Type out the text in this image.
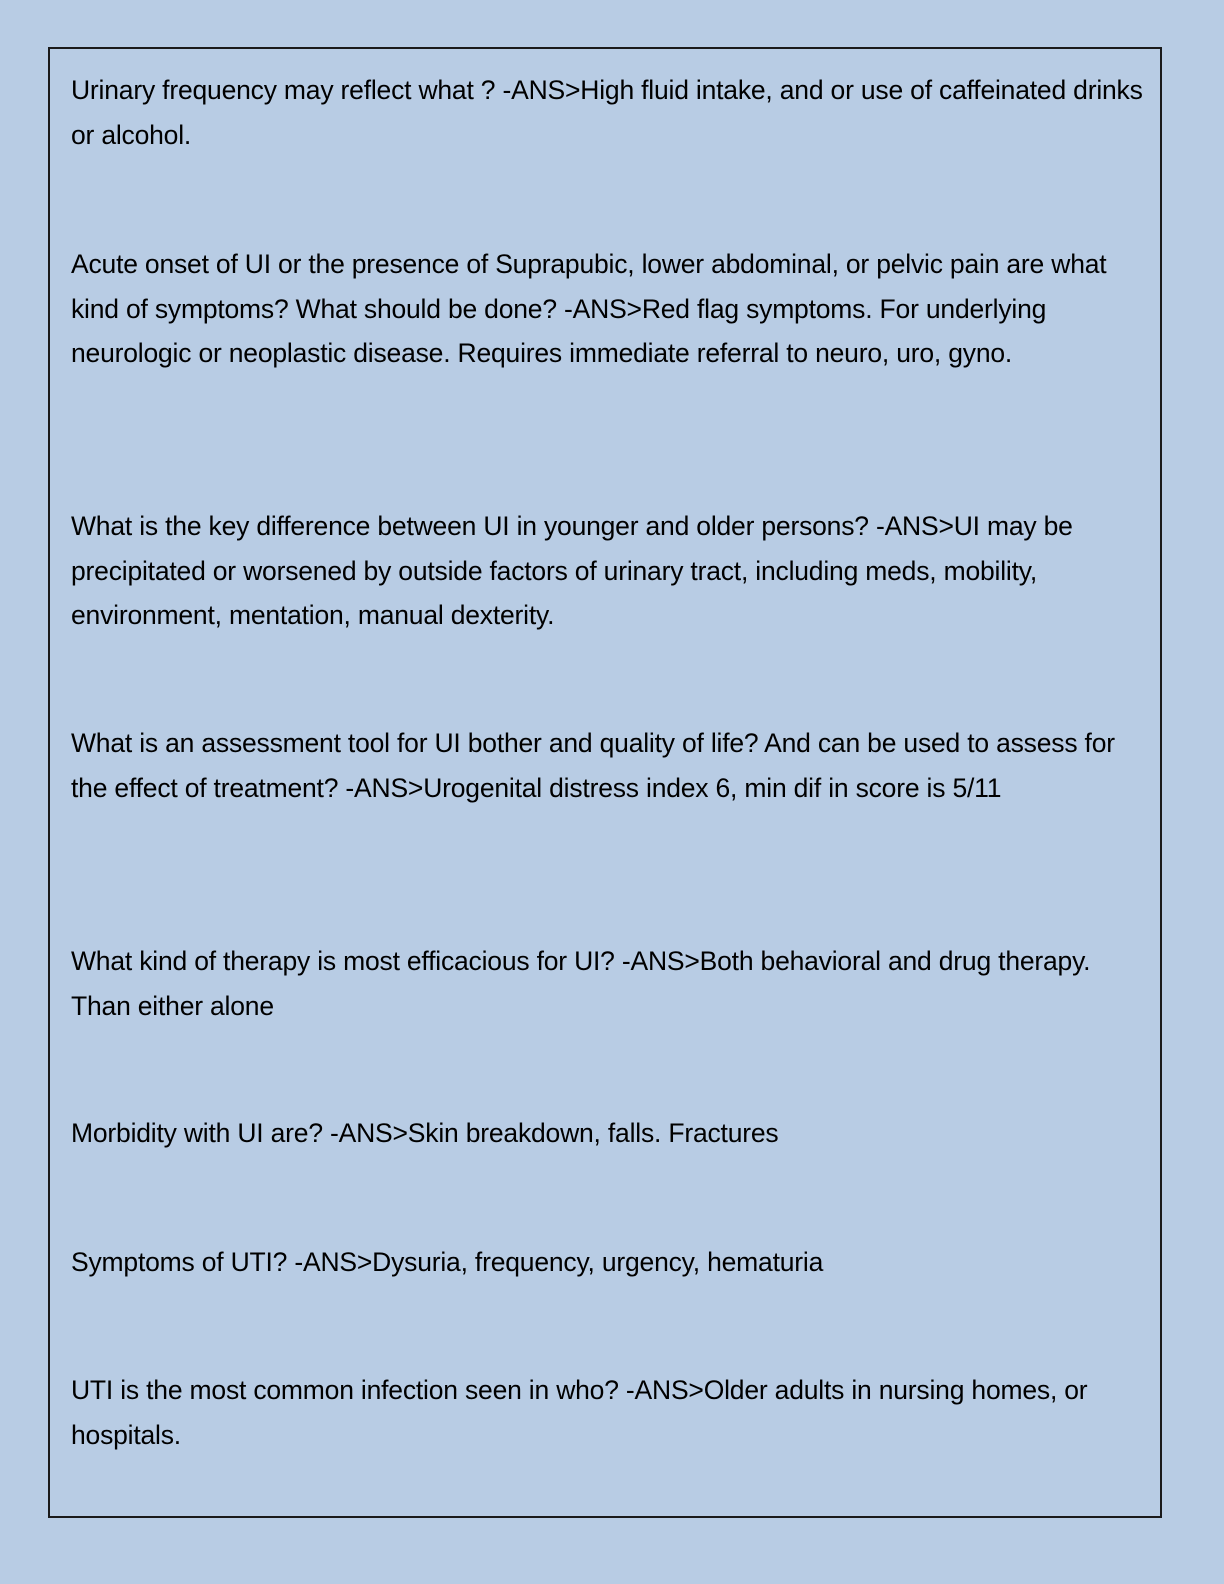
Urinary frequency may reflect what ? -ANS>High fluid intake, and or use of caffeinated drinks or alcohol.

Acute onset of UI or the presence of Suprapubic, lower abdominal, or pelvic pain are what kind of symptoms? What should be done? -ANS>Red flag symptoms. For underlying neurologic or neoplastic disease. Requires immediate referral to neuro, uro, gyno.

What is the key difference between UI in younger and older persons? -ANS>UI may be precipitated or worsened by outside factors of urinary tract, including meds, mobility, environment, mentation, manual dexterity.

What is an assessment tool for UI bother and quality of life? And can be used to assess for the effect of treatment? -ANS>Urogenital distress index 6, min dif in score is 5/11

What kind of therapy is most efficacious for UI? -ANS>Both behavioral and drug therapy. Than either alone

Morbidity with UI are? -ANS>Skin breakdown, falls. Fractures

Symptoms of UTI? -ANS>Dysuria, frequency, urgency, hematuria

UTI is the most common infection seen in who? -ANS>Older adults in nursing homes, or hospitals.
